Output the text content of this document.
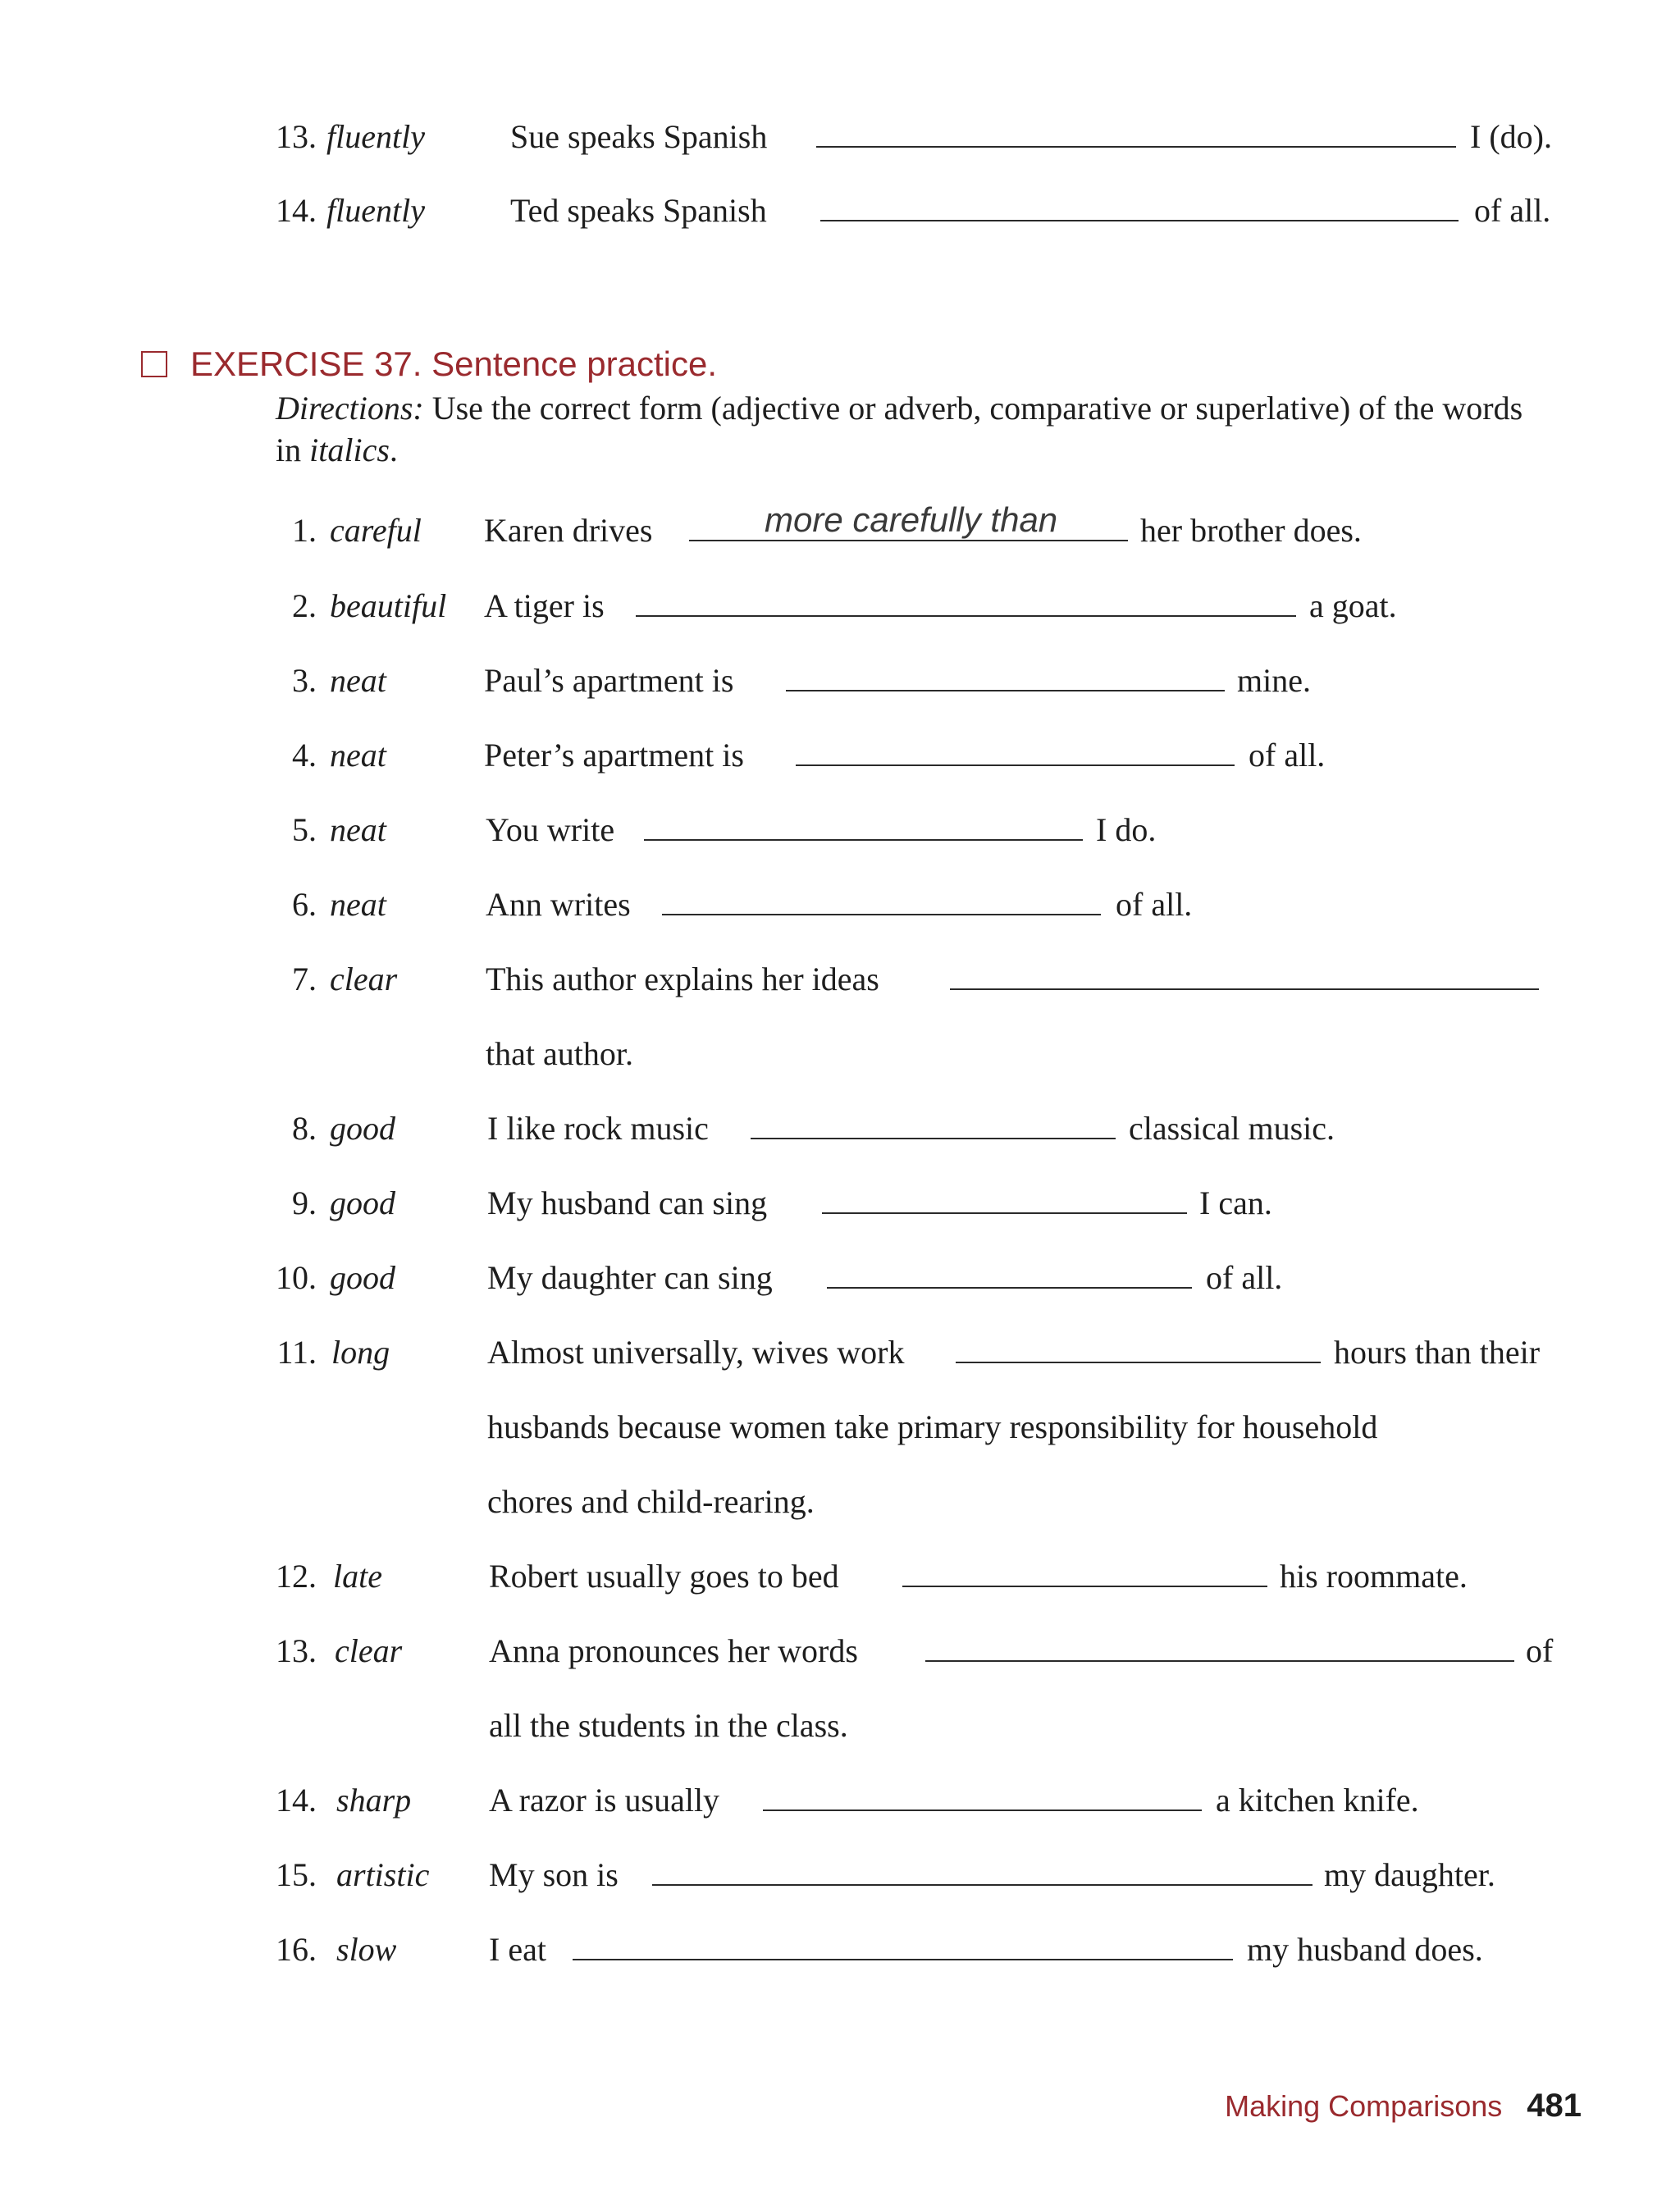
13. fluently	Sue speaks Spanish	I (do).
14. fluently	Ted speaks Spanish	of all.
EXERCISE 37. Sentence practice.
Directions: Use the correct form (adjective or adverb, comparative or superlative) of the words in italics.
1. careful Karen drives	more carefully than	her brother does.
2. beautiful A tiger is	a goat.
3. neat	Paul’s apartment is	mine.
4. neat	Peter’s apartment is	of all.
5. neat	You write	I do.
6. neat	Ann writes	of all.
7. clear	This author explains her ideas
that author.
8. good	I like rock music	classical music.
9. good	My husband can sing	I can.
10. good	My daughter can sing	of all.
11. long	Almost universally, wives work	hours than their
husbands because women take primary responsibility for household
chores and child-rearing.
12. late	Robert usually goes to bed	his roommate.
13. clear	Anna pronounces her words	of
all the students in the class.
14. sharp A razor is usually	a kitchen knife.
15. artistic My son is	my daughter.
16. slow	I eat	my husband does.
Making Comparisons 481
